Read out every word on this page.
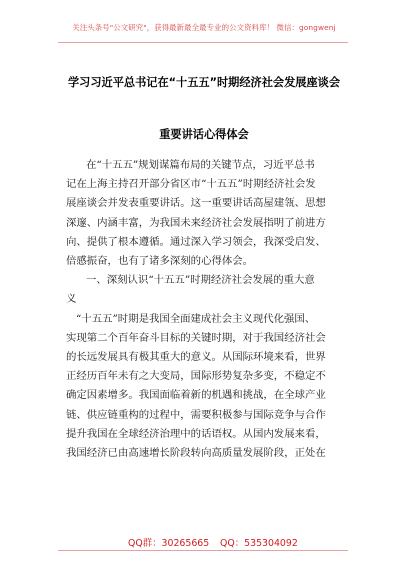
关注头条号"公文研究"，获得最新最全最专业的公文资料库！ 微信：gongwenj
学习习近平总书记在“十五五”时期经济社会发展座谈会
重要讲话心得体会
在“十五五”规划谋篇布局的关键节点，习近平总书
记在上海主持召开部分省区市“十五五”时期经济社会发
展座谈会并发表重要讲话。这一重要讲话高屋建瓴、思想
深邃、内涵丰富，为我国未来经济社会发展指明了前进方
向、提供了根本遵循。通过深入学习领会，我深受启发、
倍感振奋，也有了诸多深刻的心得体会。
一、深刻认识“十五五”时期经济社会发展的重大意
义
“十五五”时期是我国全面建成社会主义现代化强国、
实现第二个百年奋斗目标的关键时期，对于我国经济社会
的长远发展具有极其重大的意义。从国际环境来看，世界
正经历百年未有之大变局，国际形势复杂多变，不稳定不
确定因素增多。我国面临着新的机遇和挑战，在全球产业
链、供应链重构的过程中，需要积极参与国际竞争与合作
提升我国在全球经济治理中的话语权。从国内发展来看，
我国经济已由高速增长阶段转向高质量发展阶段，正处在
QQ群：30265665 QQ：535304092
